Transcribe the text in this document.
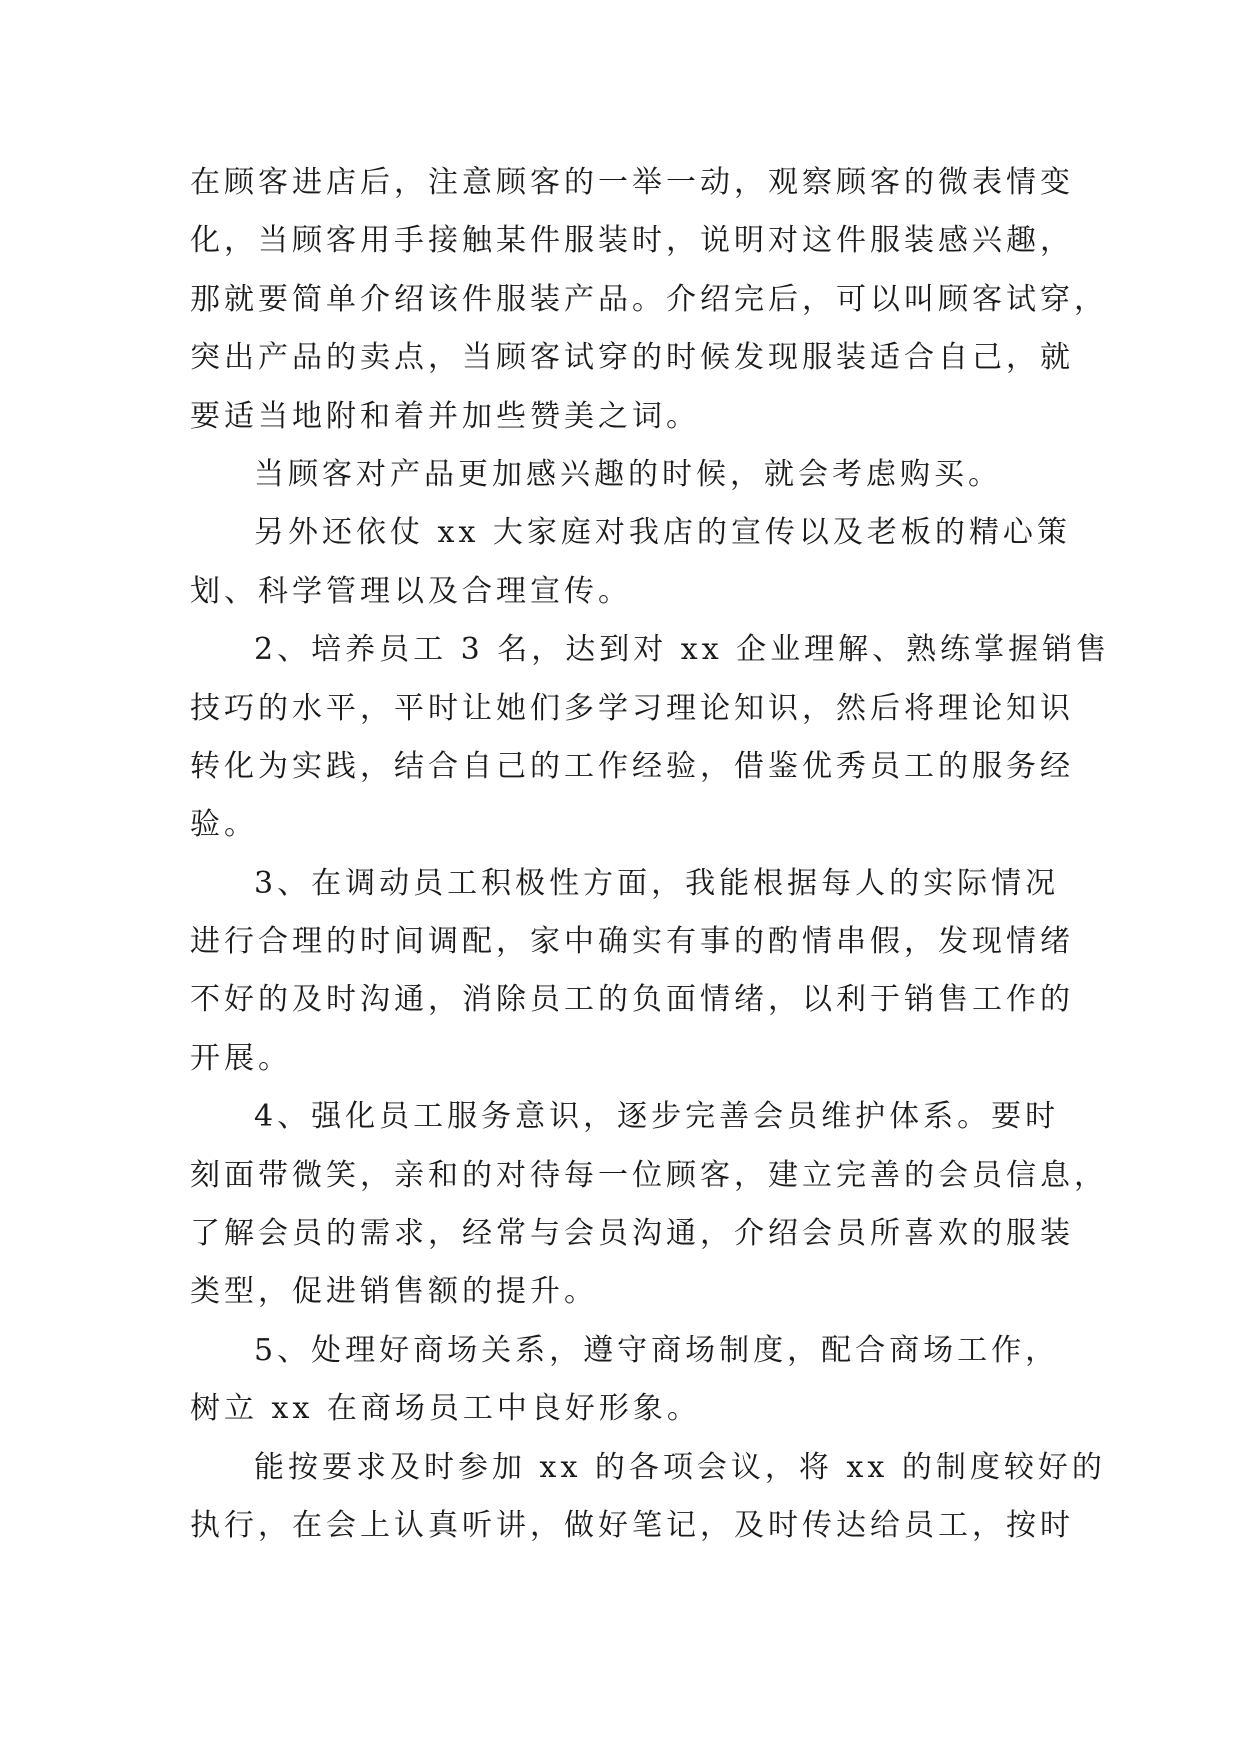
在顾客进店后，注意顾客的一举一动，观察顾客的微表情变
化，当顾客用手接触某件服装时，说明对这件服装感兴趣，
那就要简单介绍该件服装产品。介绍完后，可以叫顾客试穿，
突出产品的卖点，当顾客试穿的时候发现服装适合自己，就
要适当地附和着并加些赞美之词。
当顾客对产品更加感兴趣的时候，就会考虑购买。
另外还依仗 xx 大家庭对我店的宣传以及老板的精心策
划、科学管理以及合理宣传。
2、培养员工 3 名，达到对 xx 企业理解、熟练掌握销售
技巧的水平，平时让她们多学习理论知识，然后将理论知识
转化为实践，结合自己的工作经验，借鉴优秀员工的服务经
验。
3、在调动员工积极性方面，我能根据每人的实际情况
进行合理的时间调配，家中确实有事的酌情串假，发现情绪
不好的及时沟通，消除员工的负面情绪，以利于销售工作的
开展。
4、强化员工服务意识，逐步完善会员维护体系。要时
刻面带微笑，亲和的对待每一位顾客，建立完善的会员信息，
了解会员的需求，经常与会员沟通，介绍会员所喜欢的服装
类型，促进销售额的提升。
5、处理好商场关系，遵守商场制度，配合商场工作，
树立 xx 在商场员工中良好形象。
能按要求及时参加 xx 的各项会议，将 xx 的制度较好的
执行，在会上认真听讲，做好笔记，及时传达给员工，按时
